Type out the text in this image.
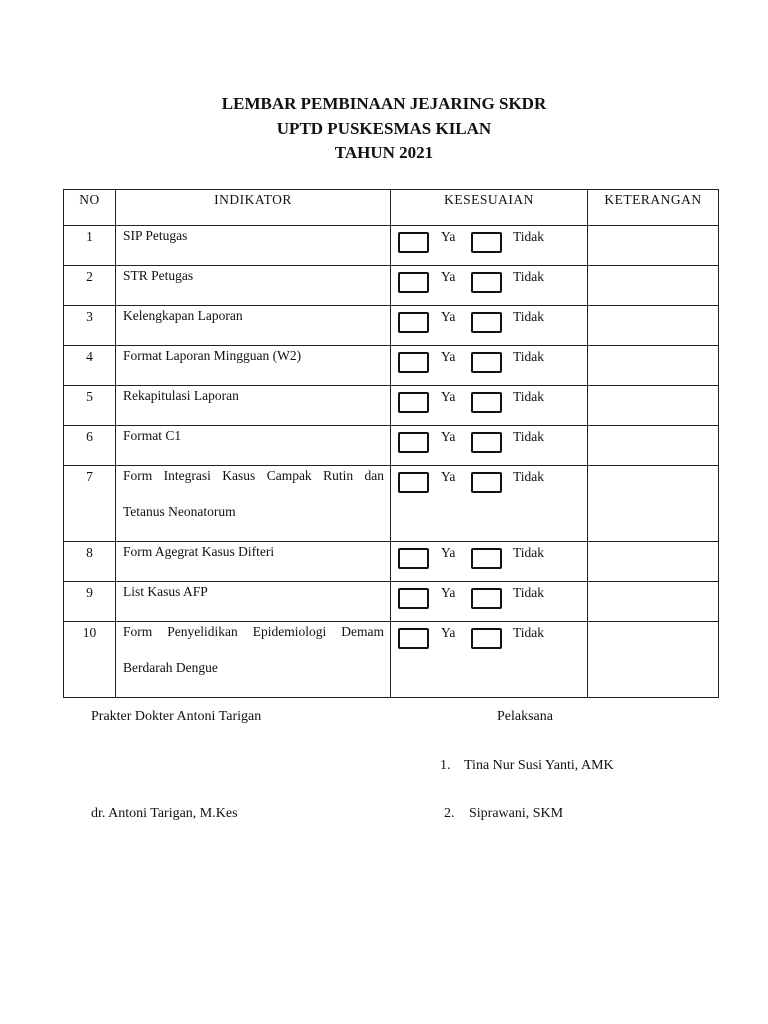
LEMBAR PEMBINAAN JEJARING SKDR
UPTD PUSKESMAS KILAN
TAHUN 2021
NO	INDIKATOR	KESESUAIAN	KETERANGAN
1	SIP Petugas	Ya Tidak	

2	STR Petugas	Ya Tidak	

3	Kelengkapan Laporan	Ya Tidak	

4	Format Laporan Mingguan (W2)	Ya Tidak	

5	Rekapitulasi Laporan	Ya Tidak	

6	Format C1	Ya Tidak	

7	Form Integrasi Kasus Campak Rutin dan Tetanus Neonatorum	Ya Tidak	

8	Form Agegrat Kasus Difteri	Ya Tidak	

9	List Kasus AFP	Ya Tidak	

10	Form Penyelidikan Epidemiologi Demam Berdarah Dengue	Ya Tidak	

Prakter Dokter Antoni Tarigan
dr. Antoni Tarigan, M.Kes
Pelaksana
1. Tina Nur Susi Yanti, AMK
2. Siprawani, SKM
